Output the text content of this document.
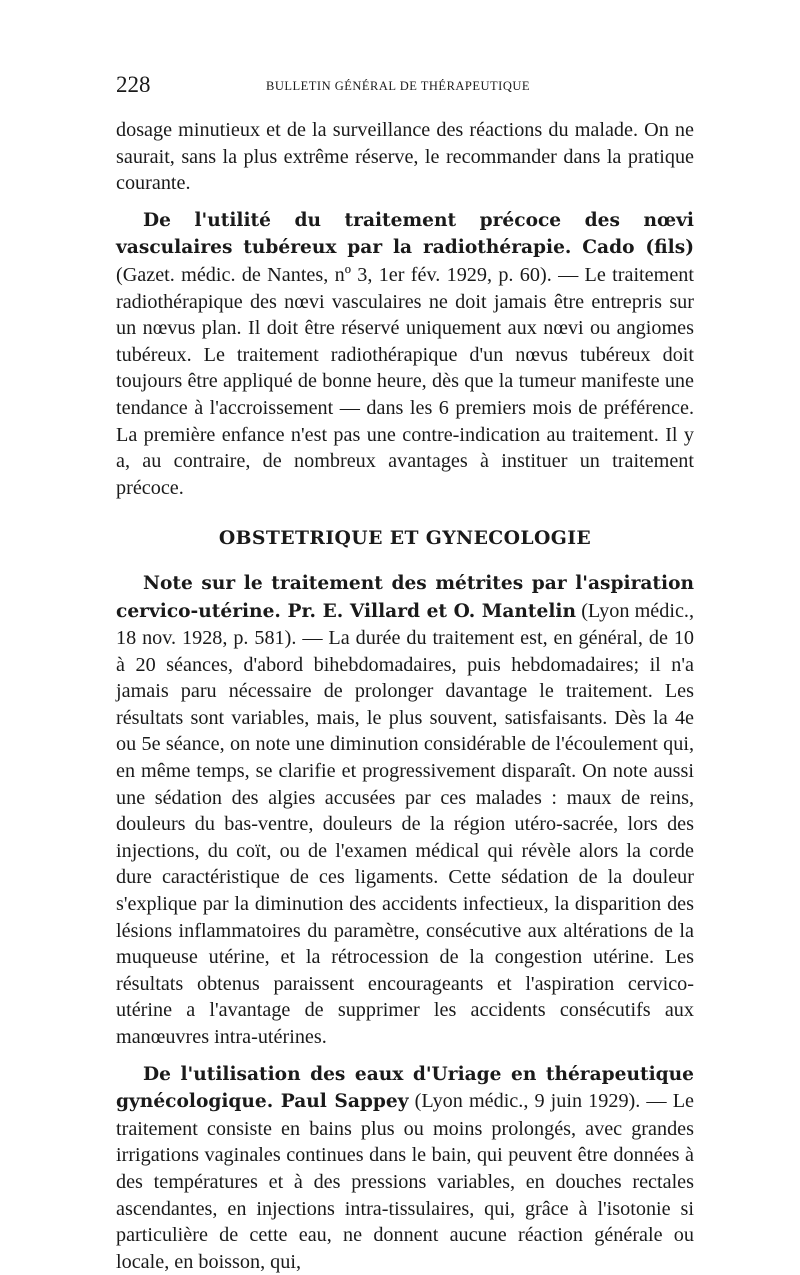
228	BULLETIN GÉNÉRAL DE THÉRAPEUTIQUE

dosage minutieux et de la surveillance des réactions du malade. On ne saurait, sans la plus extrême réserve, le recommander dans la pratique courante.

De l'utilité du traitement précoce des nœvi vasculaires tubéreux par la radiothérapie. Cado (fils) (Gazet. médic. de Nantes, nº 3, 1er fév. 1929, p. 60). — Le traitement radiothérapique des nœvi vasculaires ne doit jamais être entrepris sur un nœvus plan. Il doit être réservé uniquement aux nœvi ou angiomes tubéreux. Le traitement radiothérapique d'un nœvus tubéreux doit toujours être appliqué de bonne heure, dès que la tumeur manifeste une tendance à l'accroissement — dans les 6 premiers mois de préférence. La première enfance n'est pas une contre-indication au traitement. Il y a, au contraire, de nombreux avantages à instituer un traitement précoce.

OBSTETRIQUE ET GYNECOLOGIE

Note sur le traitement des métrites par l'aspiration cervico-utérine. Pr. E. Villard et O. Mantelin (Lyon médic., 18 nov. 1928, p. 581). — La durée du traitement est, en général, de 10 à 20 séances, d'abord bihebdomadaires, puis hebdomadaires; il n'a jamais paru nécessaire de prolonger davantage le traitement. Les résultats sont variables, mais, le plus souvent, satisfaisants. Dès la 4e ou 5e séance, on note une diminution considérable de l'écoulement qui, en même temps, se clarifie et progressivement disparaît. On note aussi une sédation des algies accusées par ces malades : maux de reins, douleurs du bas-ventre, douleurs de la région utéro-sacrée, lors des injections, du coït, ou de l'examen médical qui révèle alors la corde dure caractéristique de ces ligaments. Cette sédation de la douleur s'explique par la diminution des accidents infectieux, la disparition des lésions inflammatoires du paramètre, consécutive aux altérations de la muqueuse utérine, et la rétrocession de la congestion utérine. Les résultats obtenus paraissent encourageants et l'aspiration cervico-utérine a l'avantage de supprimer les accidents consécutifs aux manœuvres intra-utérines.

De l'utilisation des eaux d'Uriage en thérapeutique gynécologique. Paul Sappey (Lyon médic., 9 juin 1929). — Le traitement consiste en bains plus ou moins prolongés, avec grandes irrigations vaginales continues dans le bain, qui peuvent être données à des températures et à des pressions variables, en douches rectales ascendantes, en injections intra-tissulaires, qui, grâce à l'isotonie si particulière de cette eau, ne donnent aucune réaction générale ou locale, en boisson, qui,
